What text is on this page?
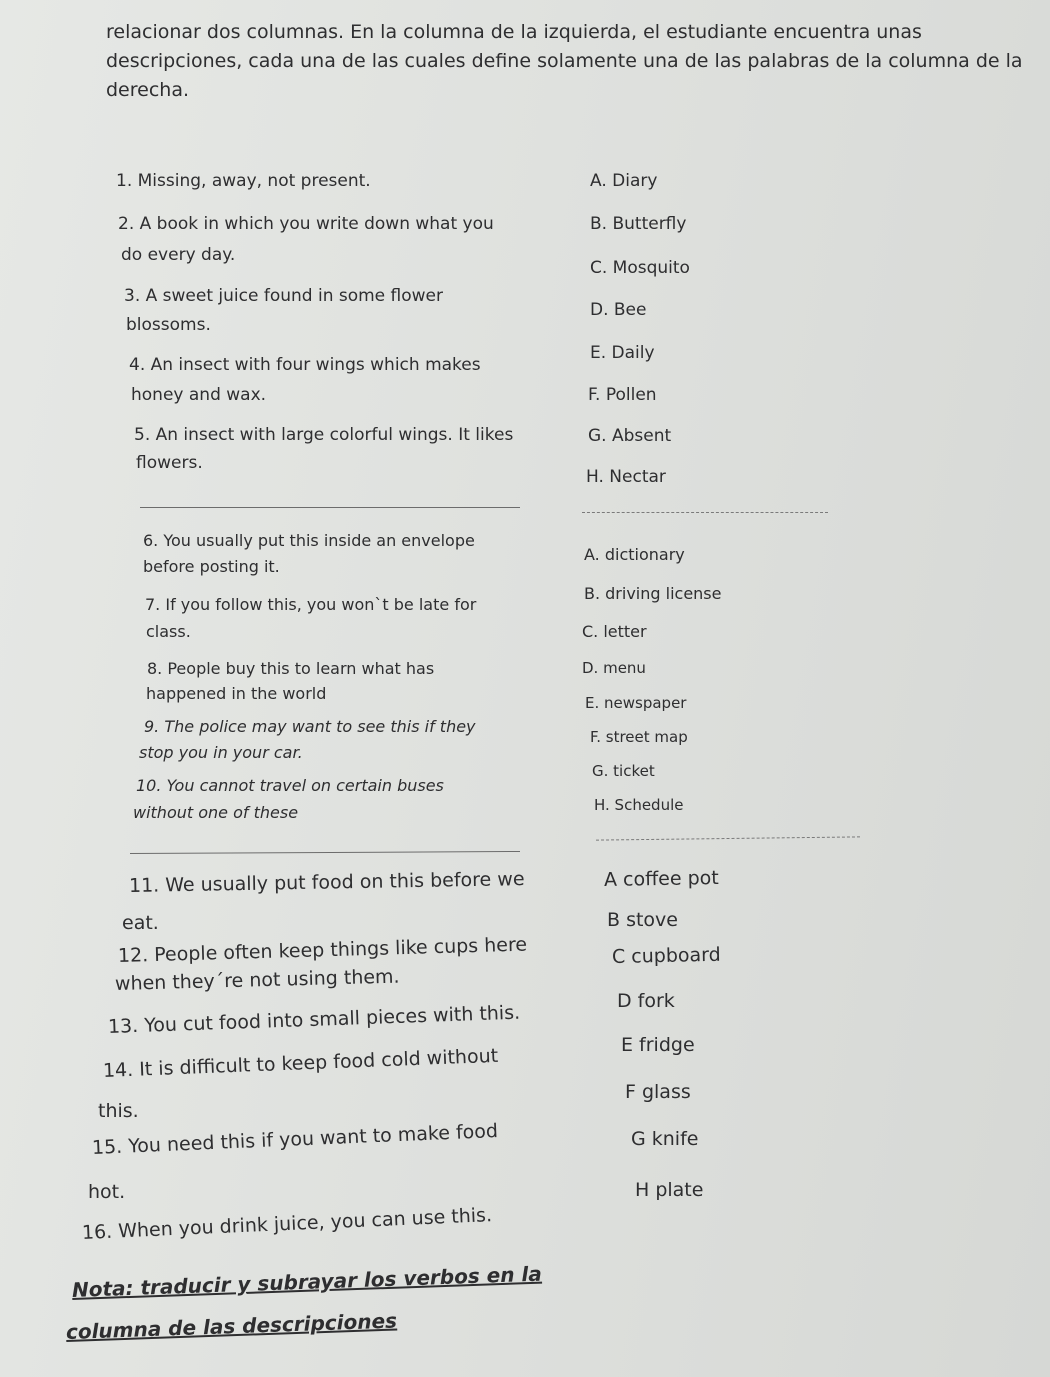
relacionar dos columnas. En la columna de la izquierda, el estudiante encuentra unas
descripciones, cada una de las cuales define solamente una de las palabras de la columna de la
derecha.
1. Missing, away, not present.
2. A book in which you write down what you
do every day.
3. A sweet juice found in some flower
blossoms.
4. An insect with four wings which makes
honey and wax.
5. An insect with large colorful wings. It likes
flowers.
A. Diary
B. Butterfly
C. Mosquito
D. Bee
E. Daily
F. Pollen
G. Absent
H. Nectar
6. You usually put this inside an envelope
before posting it.
7. If you follow this, you won`t be late for
class.
8. People buy this to learn what has
happened in the world
9. The police may want to see this if they
stop you in your car.
10. You cannot travel on certain buses
without one of these
A. dictionary
B. driving license
C. letter
D. menu
E. newspaper
F. street map
G. ticket
H. Schedule
11. We usually put food on this before we
eat.
12. People often keep things like cups here
when they´re not using them.
13. You cut food into small pieces with this.
14. It is difficult to keep food cold without
this.
15. You need this if you want to make food
hot.
16. When you drink juice, you can use this.
A coffee pot
B stove
C cupboard
D fork
E fridge
F glass
G knife
H plate
Nota: traducir y subrayar los verbos en la
columna de las descripciones
